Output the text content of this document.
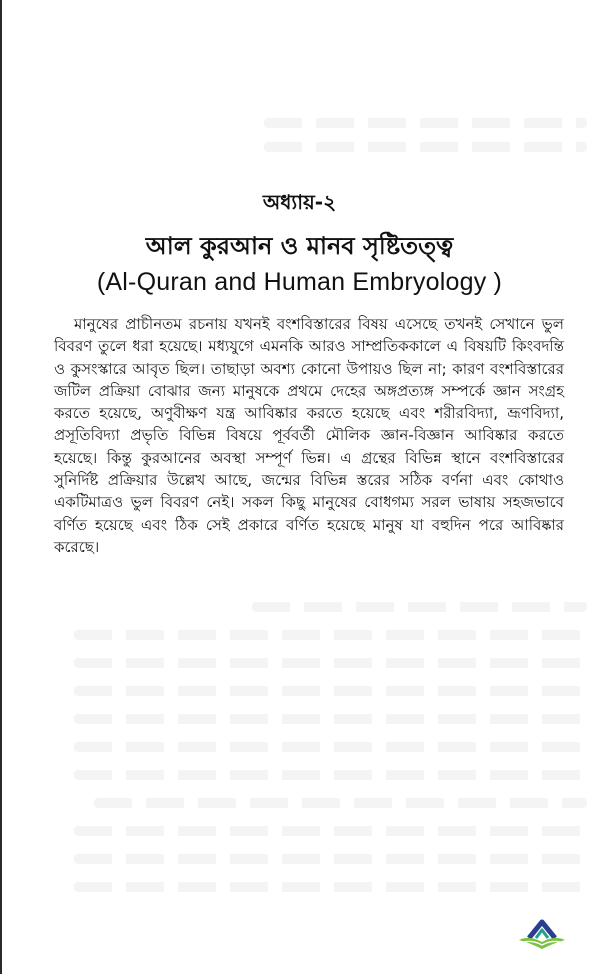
অধ্যায়-২
আল কুরআন ও মানব সৃষ্টিতত্ত্ব
(Al-Quran and Human Embryology )

মানুষের প্রাচীনতম রচনায় যখনই বংশবিস্তারের বিষয় এসেছে তখনই সেখানে ভুল বিবরণ তুলে ধরা হয়েছে। মধ্যযুগে এমনকি আরও সাম্প্রতিককালে এ বিষয়টি কিংবদন্তি ও কুসংস্কারে আবৃত ছিল। তাছাড়া অবশ্য কোনো উপায়ও ছিল না; কারণ বংশবিস্তারের জটিল প্রক্রিয়া বোঝার জন্য মানুষকে প্রথমে দেহের অঙ্গপ্রত্যঙ্গ সম্পর্কে জ্ঞান সংগ্রহ করতে হয়েছে, অণুবীক্ষণ যন্ত্র আবিষ্কার করতে হয়েছে এবং শরীরবিদ্যা, ভ্রূণবিদ্যা, প্রসূতিবিদ্যা প্রভৃতি বিভিন্ন বিষয়ে পূর্ববর্তী মৌলিক জ্ঞান-বিজ্ঞান আবিষ্কার করতে হয়েছে। কিন্তু কুরআনের অবস্থা সম্পূর্ণ ভিন্ন। এ গ্রন্থের বিভিন্ন স্থানে বংশবিস্তারের সুনির্দিষ্ট প্রক্রিয়ার উল্লেখ আছে, জন্মের বিভিন্ন স্তরের সঠিক বর্ণনা এবং কোথাও একটিমাত্রও ভুল বিবরণ নেই। সকল কিছু মানুষের বোধগম্য সরল ভাষায় সহজভাবে বর্ণিত হয়েছে এবং ঠিক সেই প্রকারে বর্ণিত হয়েছে মানুষ যা বহুদিন পরে আবিষ্কার করেছে।
